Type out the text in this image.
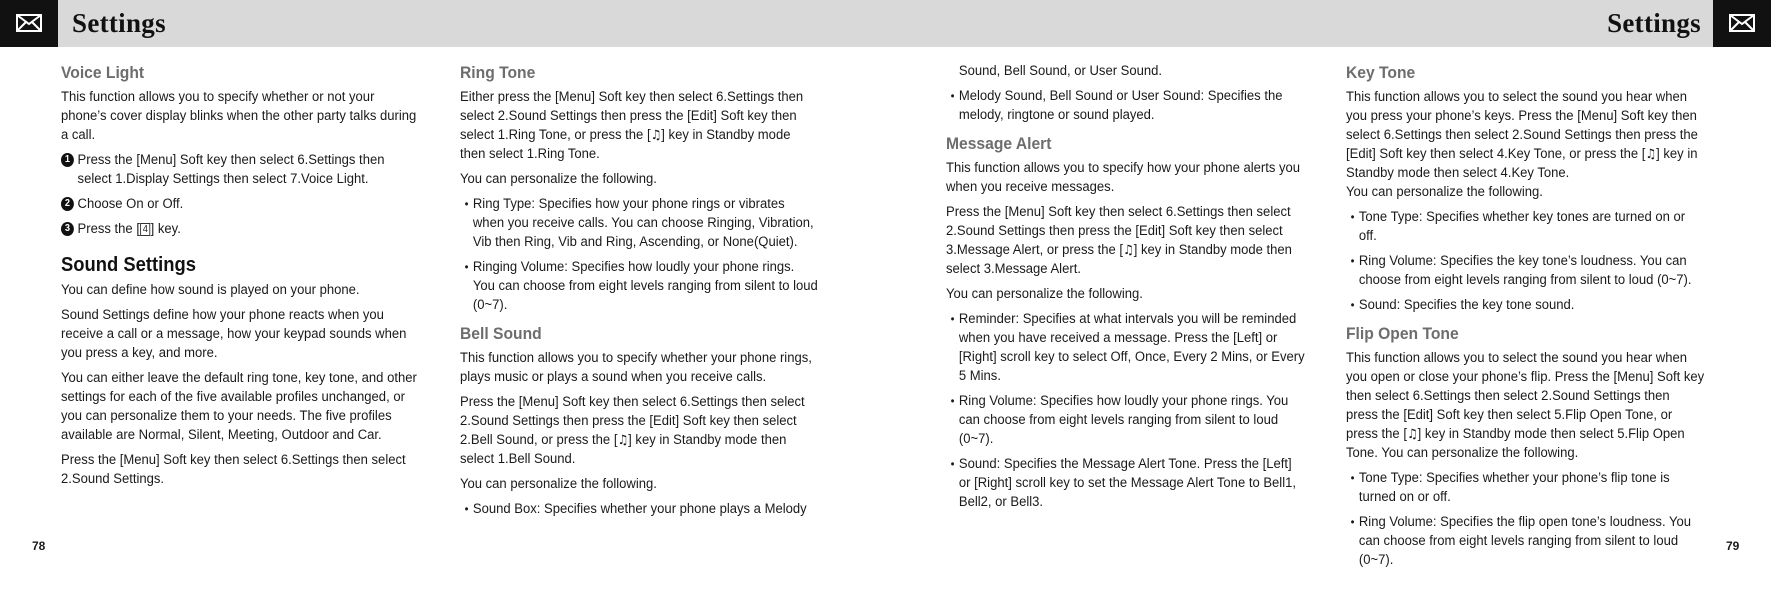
Settings	Settings
Voice Light

This function allows you to specify whether or not your phone’s cover display blinks when the other party talks during a call.

1 Press the [Menu] Soft key then select 6.Settings then select 1.Display Settings then select 7.Voice Light.
2 Choose On or Off.
3 Press the [ 4 ] key.
Sound Settings

You can define how sound is played on your phone.

Sound Settings define how your phone reacts when you receive a call or a message, how your keypad sounds when you press a key, and more.

You can either leave the default ring tone, key tone, and other settings for each of the five available profiles unchanged, or you can personalize them to your needs. The five profiles available are Normal, Silent, Meeting, Outdoor and Car.

Press the [Menu] Soft key then select 6.Settings then select 2.Sound Settings.

Ring Tone

Either press the [Menu] Soft key then select 6.Settings then select 2.Sound Settings then press the [Edit] Soft key then select 1.Ring Tone, or press the [♫] key in Standby mode then select 1.Ring Tone.

You can personalize the following.

• Ring Type: Specifies how your phone rings or vibrates when you receive calls. You can choose Ringing, Vibration, Vib then Ring, Vib and Ring, Ascending, or None(Quiet).
• Ringing Volume: Specifies how loudly your phone rings. You can choose from eight levels ranging from silent to loud (0~7).
Bell Sound

This function allows you to specify whether your phone rings, plays music or plays a sound when you receive calls.

Press the [Menu] Soft key then select 6.Settings then select 2.Sound Settings then press the [Edit] Soft key then select 2.Bell Sound, or press the [♫] key in Standby mode then select 1.Bell Sound.

You can personalize the following.

• Sound Box: Specifies whether your phone plays a Melody
Sound, Bell Sound, or User Sound.
• Melody Sound, Bell Sound or User Sound: Specifies the melody, ringtone or sound played.
Message Alert

This function allows you to specify how your phone alerts you when you receive messages.

Press the [Menu] Soft key then select 6.Settings then select 2.Sound Settings then press the [Edit] Soft key then select 3.Message Alert, or press the [♫] key in Standby mode then select 3.Message Alert.

You can personalize the following.

• Reminder: Specifies at what intervals you will be reminded when you have received a message. Press the [Left] or [Right] scroll key to select Off, Once, Every 2 Mins, or Every 5 Mins.
• Ring Volume: Specifies how loudly your phone rings. You can choose from eight levels ranging from silent to loud (0~7).
• Sound: Specifies the Message Alert Tone. Press the [Left] or [Right] scroll key to set the Message Alert Tone to Bell1, Bell2, or Bell3.
Key Tone

This function allows you to select the sound you hear when you press your phone’s keys. Press the [Menu] Soft key then select 6.Settings then select 2.Sound Settings then press the [Edit] Soft key then select 4.Key Tone, or press the [♫] key in Standby mode then select 4.Key Tone.

You can personalize the following.

• Tone Type: Specifies whether key tones are turned on or off.
• Ring Volume: Specifies the key tone’s loudness. You can choose from eight levels ranging from silent to loud (0~7).
• Sound: Specifies the key tone sound.
Flip Open Tone

This function allows you to select the sound you hear when you open or close your phone’s flip. Press the [Menu] Soft key then select 6.Settings then select 2.Sound Settings then press the [Edit] Soft key then select 5.Flip Open Tone, or press the [♫] key in Standby mode then select 5.Flip Open Tone. You can personalize the following.

• Tone Type: Specifies whether your phone’s flip tone is turned on or off.
• Ring Volume: Specifies the flip open tone’s loudness. You can choose from eight levels ranging from silent to loud (0~7).
78	79
